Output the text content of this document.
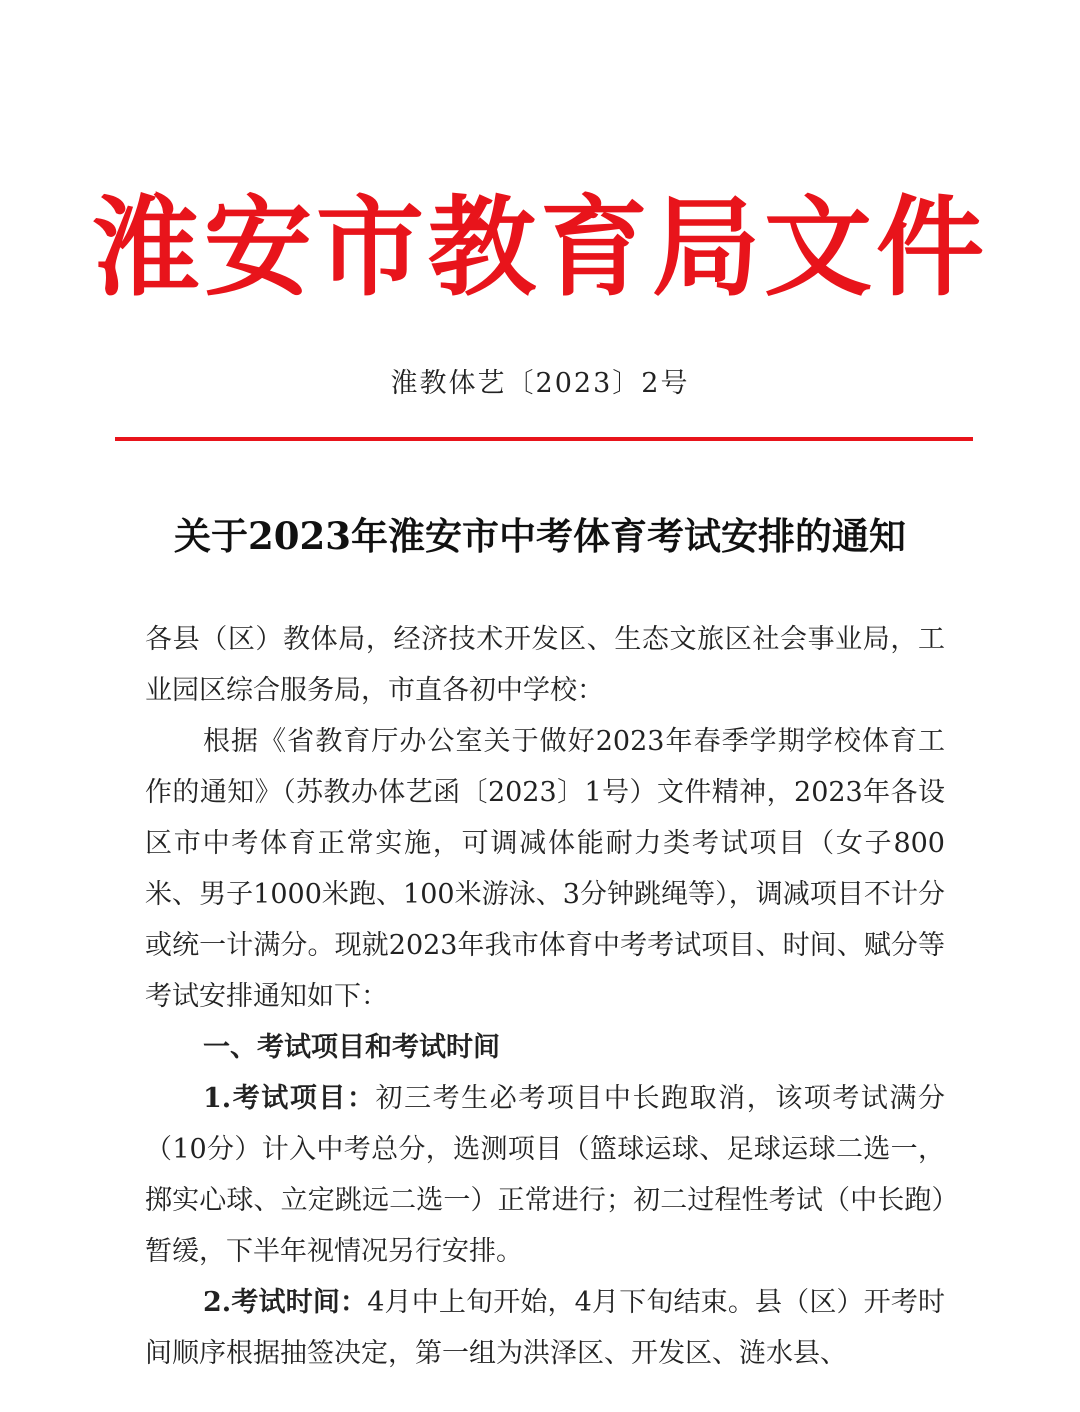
淮安市教育局文件
淮教体艺〔2023〕2号
关于2023年淮安市中考体育考试安排的通知

各县（区）教体局，经济技术开发区、生态文旅区社会事业局，工业园区综合服务局，市直各初中学校：

根据《省教育厅办公室关于做好2023年春季学期学校体育工作的通知》（苏教办体艺函〔2023〕1号）文件精神，2023年各设区市中考体育正常实施，可调减体能耐力类考试项目（女子800米、男子1000米跑、100米游泳、3分钟跳绳等），调减项目不计分或统一计满分。现就2023年我市体育中考考试项目、时间、赋分等考试安排通知如下：

一、考试项目和考试时间

1.考试项目：初三考生必考项目中长跑取消，该项考试满分（10分）计入中考总分，选测项目（篮球运球、足球运球二选一，掷实心球、立定跳远二选一）正常进行；初二过程性考试（中长跑）暂缓，下半年视情况另行安排。

2.考试时间：4月中上旬开始，4月下旬结束。县（区）开考时间顺序根据抽签决定，第一组为洪泽区、开发区、涟水县、
